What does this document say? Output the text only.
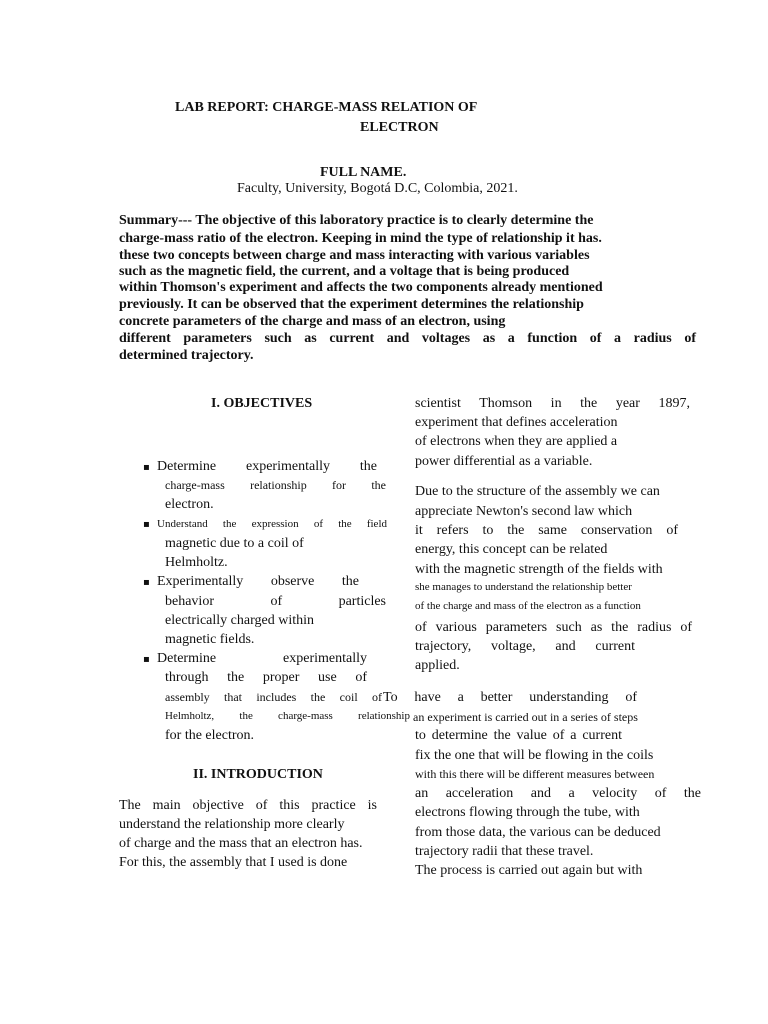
LAB REPORT: CHARGE-MASS RELATION OF
ELECTRON
FULL NAME.
Faculty, University, Bogotá D.C, Colombia, 2021.
Summary--- The objective of this laboratory practice is to clearly determine the
charge-mass ratio of the electron. Keeping in mind the type of relationship it has.
these two concepts between charge and mass interacting with various variables
such as the magnetic field, the current, and a voltage that is being produced
within Thomson's experiment and affects the two components already mentioned
previously. It can be observed that the experiment determines the relationship
concrete parameters of the charge and mass of an electron, using
different parameters such as current and voltages as a function of a radius of
determined trajectory.
I. OBJECTIVES
▪ Determine experimentally the
charge-mass relationship for the
electron.
▪ Understand the expression of the field
magnetic due to a coil of
Helmholtz.
▪ Experimentally observe the
behavior of particles
electrically charged within
magnetic fields.
▪ Determine experimentally
through the proper use of
assembly that includes the coil of
Helmholtz, the charge-mass relationship
for the electron.
II. INTRODUCTION
The main objective of this practice is
understand the relationship more clearly
of charge and the mass that an electron has.
For this, the assembly that I used is done
scientist Thomson in the year 1897,
experiment that defines acceleration
of electrons when they are applied a
power differential as a variable.
Due to the structure of the assembly we can
appreciate Newton's second law which
it refers to the same conservation of
energy, this concept can be related
with the magnetic strength of the fields with
she manages to understand the relationship better
of the charge and mass of the electron as a function
of various parameters such as the radius of
trajectory, voltage, and current
applied.
To have a better understanding of
an experiment is carried out in a series of steps
to determine the value of a current
fix the one that will be flowing in the coils
with this there will be different measures between
an acceleration and a velocity of the
electrons flowing through the tube, with
from those data, the various can be deduced
trajectory radii that these travel.
The process is carried out again but with
